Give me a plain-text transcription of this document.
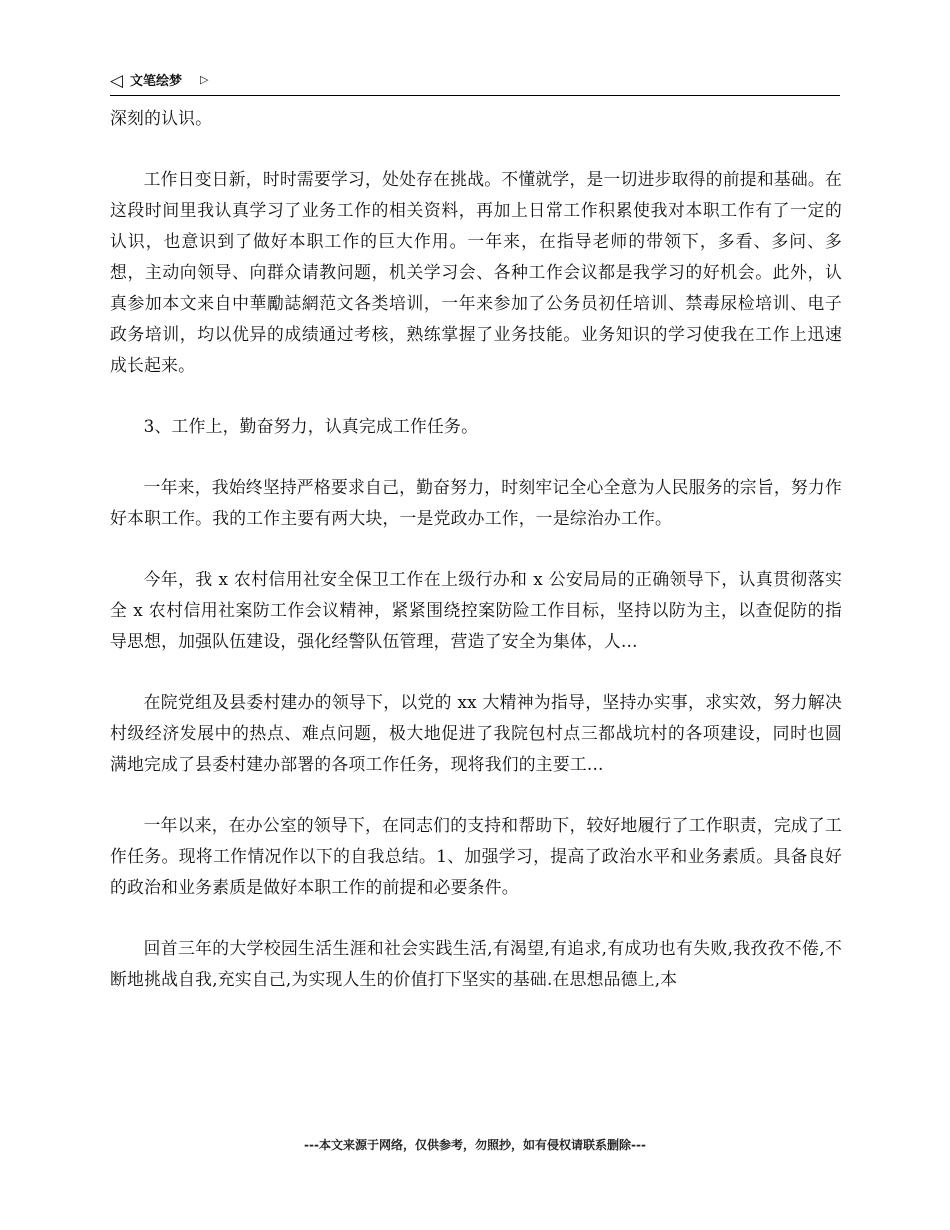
◁ 文笔绘梦 ▷

深刻的认识。

工作日变日新，时时需要学习，处处存在挑战。不懂就学，是一切进步取得的前提和基础。在这段时间里我认真学习了业务工作的相关资料，再加上日常工作积累使我对本职工作有了一定的认识，也意识到了做好本职工作的巨大作用。一年来，在指导老师的带领下，多看、多问、多想，主动向领导、向群众请教问题，机关学习会、各种工作会议都是我学习的好机会。此外，认真参加本文来自中華勵誌網范文各类培训，一年来参加了公务员初任培训、禁毒尿检培训、电子政务培训，均以优异的成绩通过考核，熟练掌握了业务技能。业务知识的学习使我在工作上迅速成长起来。

3、工作上，勤奋努力，认真完成工作任务。

一年来，我始终坚持严格要求自己，勤奋努力，时刻牢记全心全意为人民服务的宗旨，努力作好本职工作。我的工作主要有两大块，一是党政办工作，一是综治办工作。

今年，我 x 农村信用社安全保卫工作在上级行办和 x 公安局局的正确领导下，认真贯彻落实全 x 农村信用社案防工作会议精神，紧紧围绕控案防险工作目标，坚持以防为主，以查促防的指导思想，加强队伍建设，强化经警队伍管理，营造了安全为集体，人...

在院党组及县委村建办的领导下，以党的 xx 大精神为指导，坚持办实事，求实效，努力解决村级经济发展中的热点、难点问题，极大地促进了我院包村点三都战坑村的各项建设，同时也圆满地完成了县委村建办部署的各项工作任务，现将我们的主要工...

一年以来，在办公室的领导下，在同志们的支持和帮助下，较好地履行了工作职责，完成了工作任务。现将工作情况作以下的自我总结。1、加强学习，提高了政治水平和业务素质。具备良好的政治和业务素质是做好本职工作的前提和必要条件。

回首三年的大学校园生活生涯和社会实践生活,有渴望,有追求,有成功也有失败,我孜孜不倦,不断地挑战自我,充实自己,为实现人生的价值打下坚实的基础.在思想品德上,本

---本文来源于网络，仅供参考，勿照抄，如有侵权请联系删除---
